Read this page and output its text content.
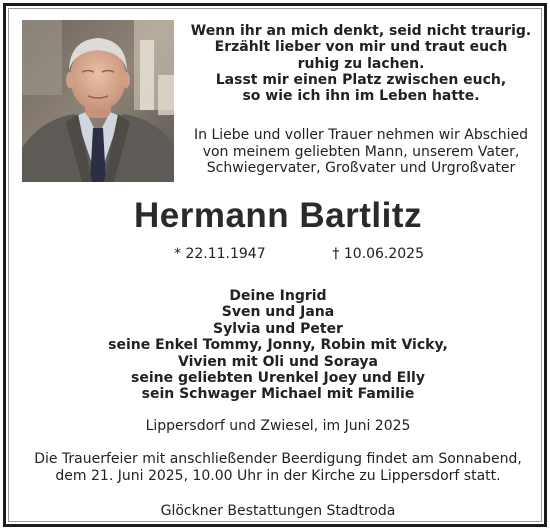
Wenn ihr an mich denkt, seid nicht traurig.
Erzählt lieber von mir und traut euch
ruhig zu lachen.
Lasst mir einen Platz zwischen euch,
so wie ich ihn im Leben hatte.
In Liebe und voller Trauer nehmen wir Abschied
von meinem geliebten Mann, unserem Vater,
Schwiegervater, Großvater und Urgroßvater
Hermann Bartlitz
* 22.11.1947	† 10.06.2025
Deine Ingrid
Sven und Jana
Sylvia und Peter
seine Enkel Tommy, Jonny, Robin mit Vicky,
Vivien mit Oli und Soraya
seine geliebten Urenkel Joey und Elly
sein Schwager Michael mit Familie
Lippersdorf und Zwiesel, im Juni 2025
Die Trauerfeier mit anschließender Beerdigung findet am Sonnabend,
dem 21. Juni 2025, 10.00 Uhr in der Kirche zu Lippersdorf statt.
Glöckner Bestattungen Stadtroda
